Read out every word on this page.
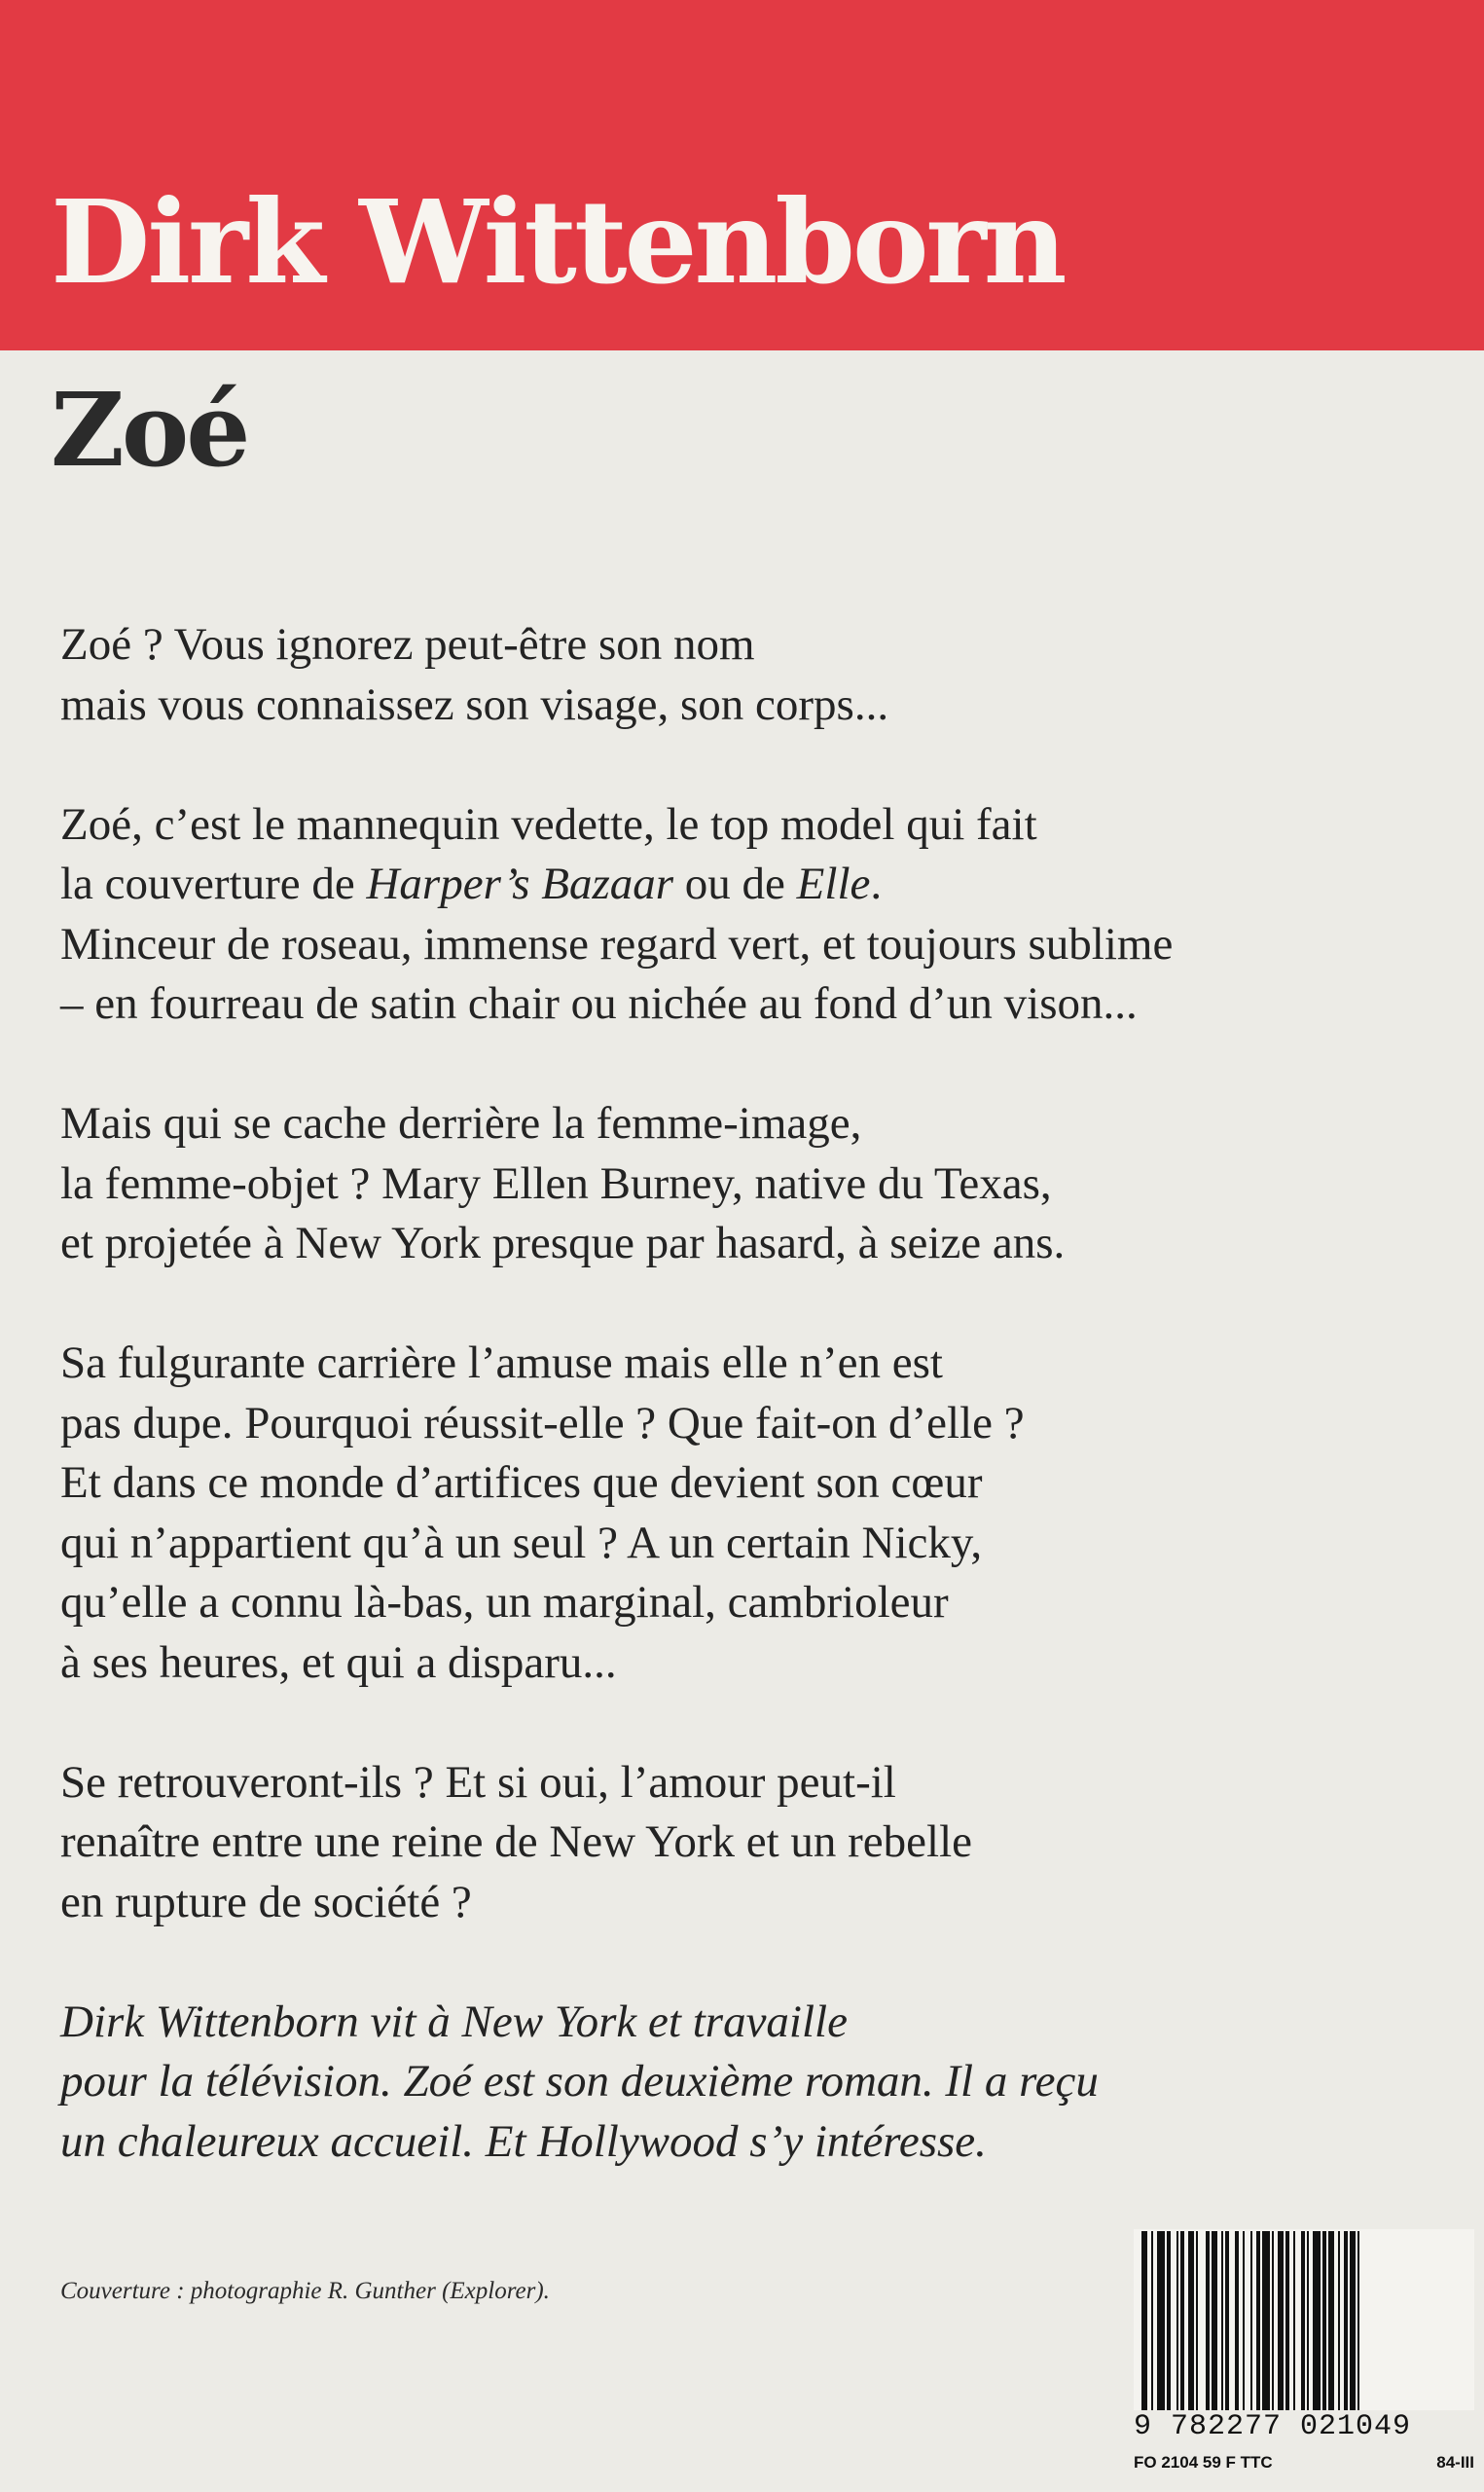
Dirk Wittenborn
Zoé

Zoé ? Vous ignorez peut-être son nom
mais vous connaissez son visage, son corps...

Zoé, c’est le mannequin vedette, le top model qui fait
la couverture de Harper’s Bazaar ou de Elle.
Minceur de roseau, immense regard vert, et toujours sublime
– en fourreau de satin chair ou nichée au fond d’un vison...

Mais qui se cache derrière la femme-image,
la femme-objet ? Mary Ellen Burney, native du Texas,
et projetée à New York presque par hasard, à seize ans.

Sa fulgurante carrière l’amuse mais elle n’en est
pas dupe. Pourquoi réussit-elle ? Que fait-on d’elle ?
Et dans ce monde d’artifices que devient son cœur
qui n’appartient qu’à un seul ? A un certain Nicky,
qu’elle a connu là-bas, un marginal, cambrioleur
à ses heures, et qui a disparu...

Se retrouveront-ils ? Et si oui, l’amour peut-il
renaître entre une reine de New York et un rebelle
en rupture de société ?

Dirk Wittenborn vit à New York et travaille
pour la télévision. Zoé est son deuxième roman. Il a reçu
un chaleureux accueil. Et Hollywood s’y intéresse.

Couverture : photographie R. Gunther (Explorer).
9 782277 021049
FO 2104 59 F TTC	84-III
